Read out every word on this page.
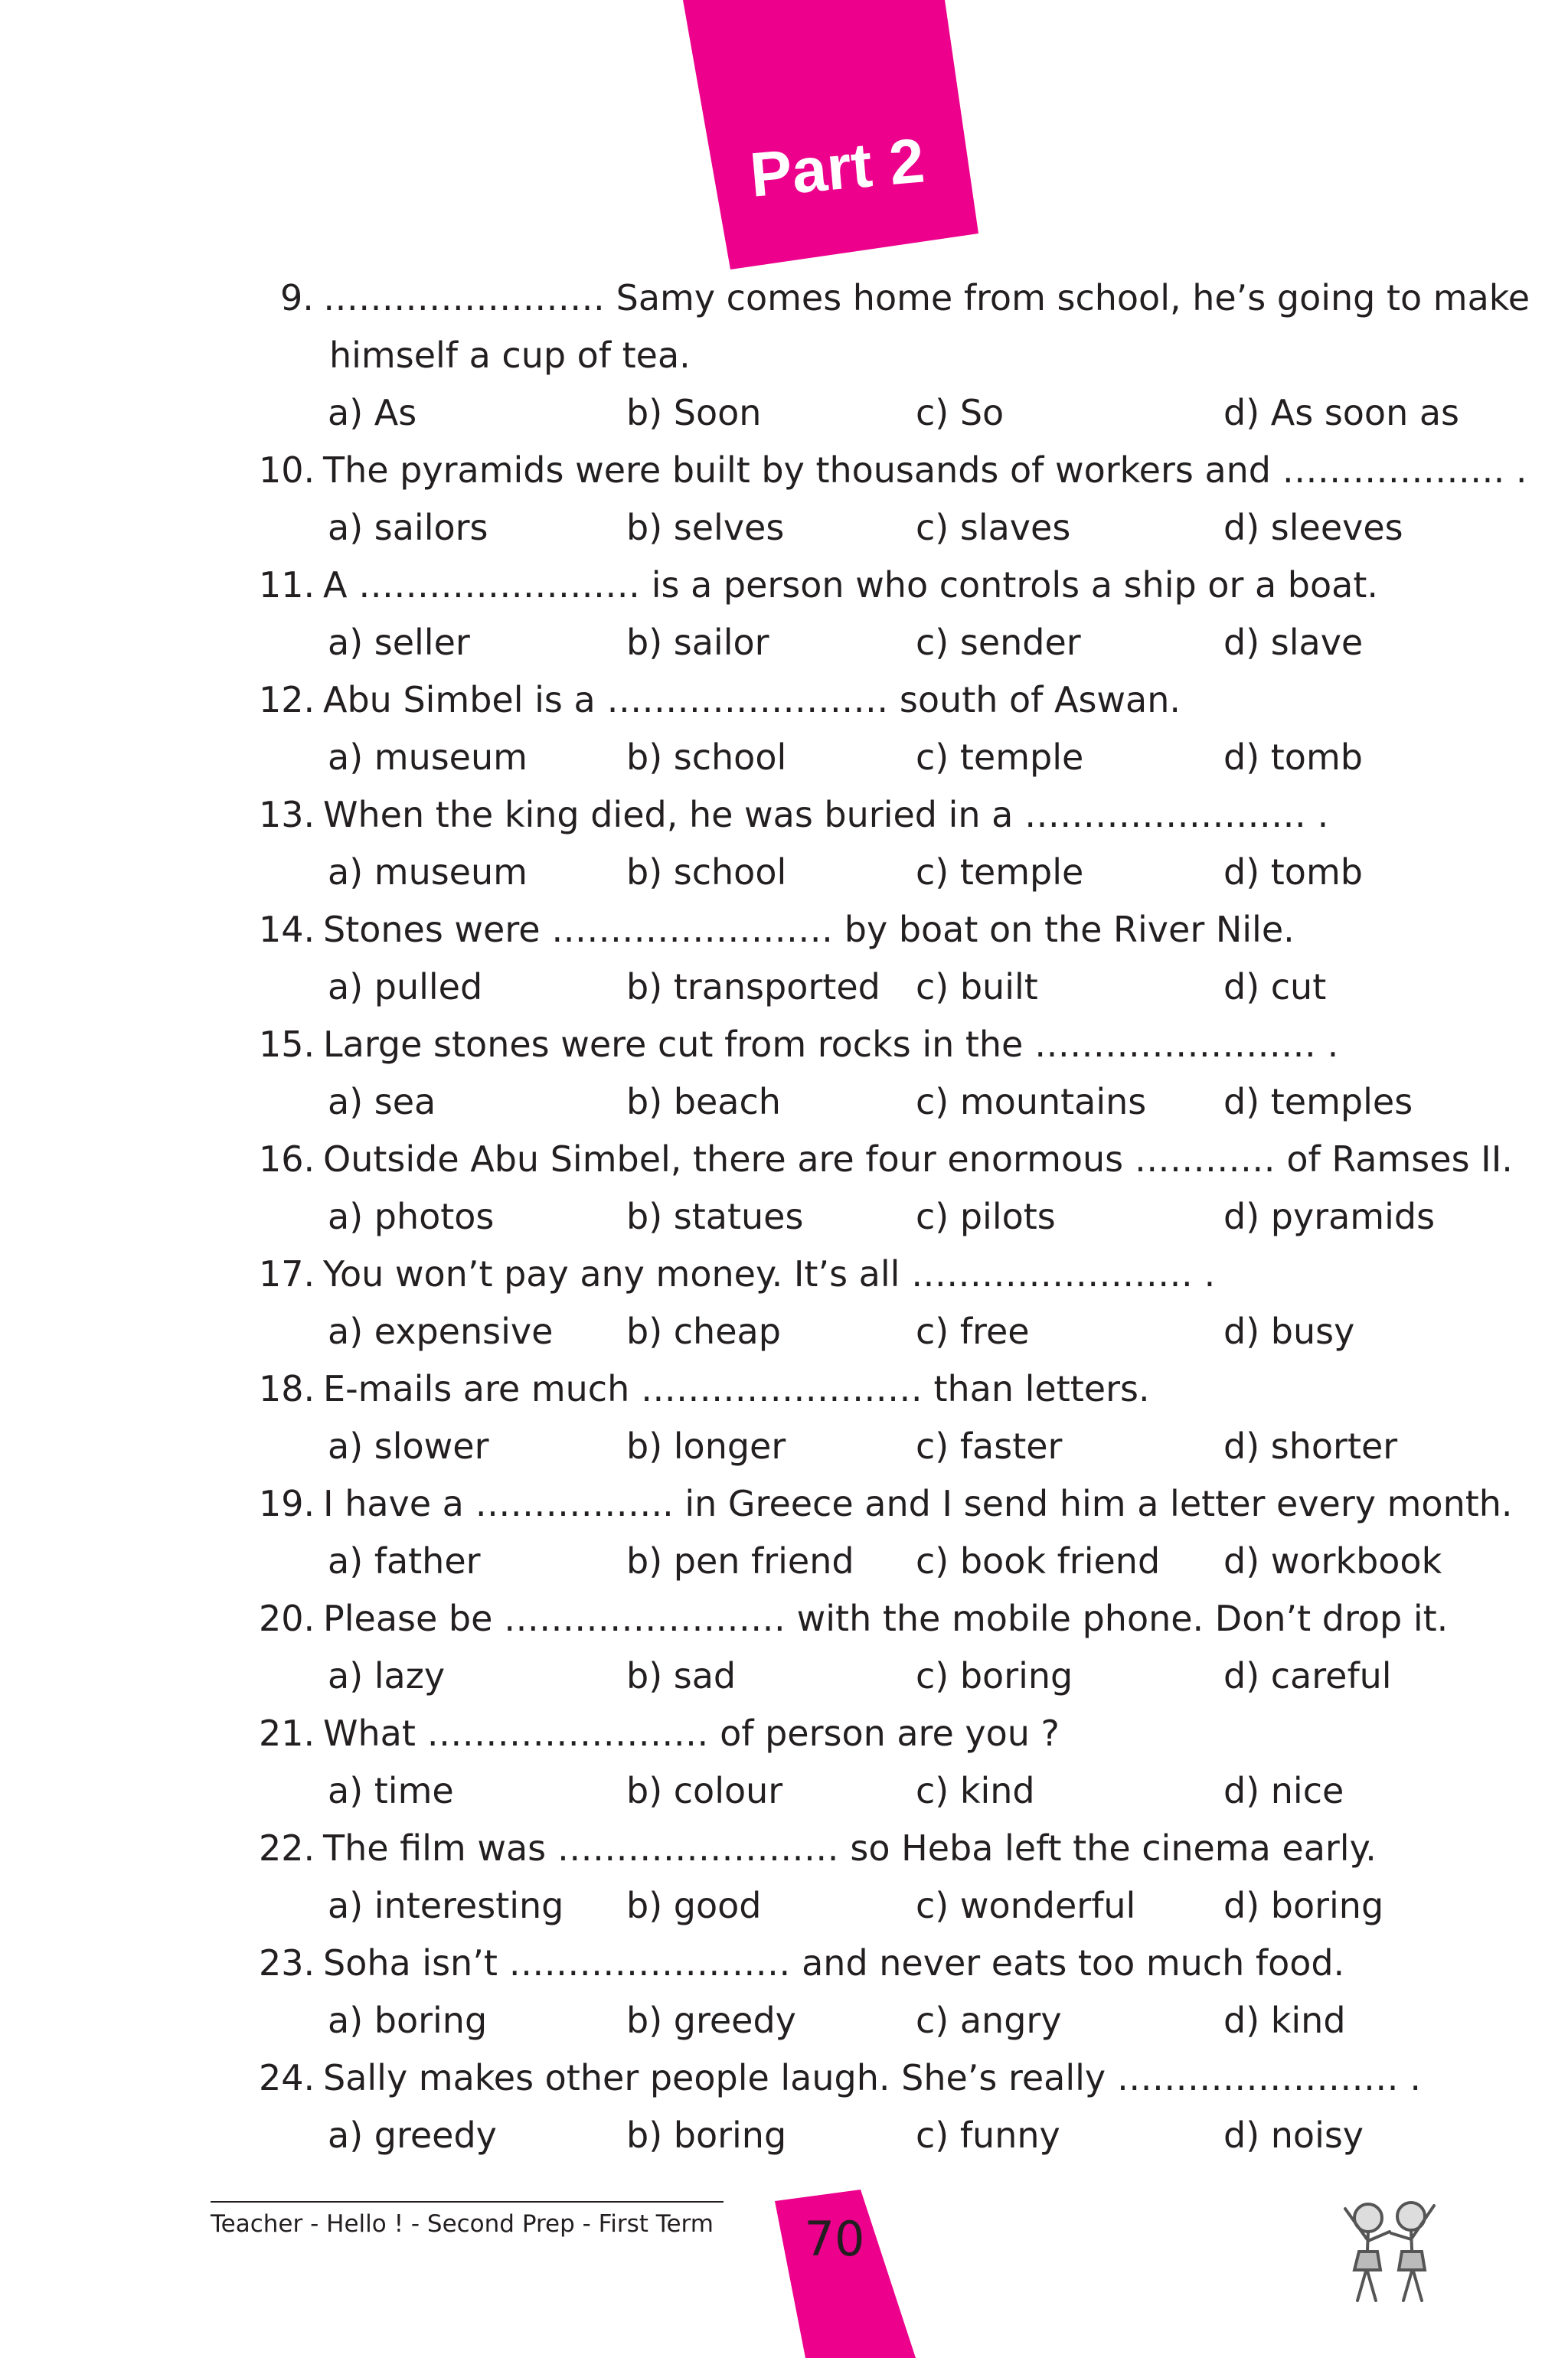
Part 2
9. …………………… Samy comes home from school, he’s going to make
himself a cup of tea.
a) As	b) Soon	c) So	d) As soon as
10. The pyramids were built by thousands of workers and ………………. .
a) sailors	b) selves	c) slaves	d) sleeves
11. A …………………… is a person who controls a ship or a boat.
a) seller	b) sailor	c) sender	d) slave
12. Abu Simbel is a …………………… south of Aswan.
a) museum	b) school	c) temple	d) tomb
13. When the king died, he was buried in a …………………… .
a) museum	b) school	c) temple	d) tomb
14. Stones were …………………… by boat on the River Nile.
a) pulled	b) transported c) built	d) cut
15. Large stones were cut from rocks in the …………………… .
a) sea	b) beach	c) mountains d) temples
16. Outside Abu Simbel, there are four enormous ………… of Ramses II.
a) photos	b) statues	c) pilots	d) pyramids
17. You won’t pay any money. It’s all …………………… .
a) expensive b) cheap	c) free	d) busy
18. E-mails are much …………………… than letters.
a) slower	b) longer	c) faster	d) shorter
19. I have a …………….. in Greece and I send him a letter every month.
a) father	b) pen friend c) book friend d) workbook
20. Please be …………………… with the mobile phone. Don’t drop it.
a) lazy	b) sad	c) boring	d) careful
21. What …………………… of person are you ?
a) time	b) colour	c) kind	d) nice
22. The film was …………………… so Heba left the cinema early.
a) interesting b) good	c) wonderful d) boring
23. Soha isn’t …………………… and never eats too much food.
a) boring	b) greedy	c) angry	d) kind
24. Sally makes other people laugh. She’s really …………………… .
a) greedy	b) boring	c) funny	d) noisy
Teacher - Hello ! - Second Prep - First Term	70
